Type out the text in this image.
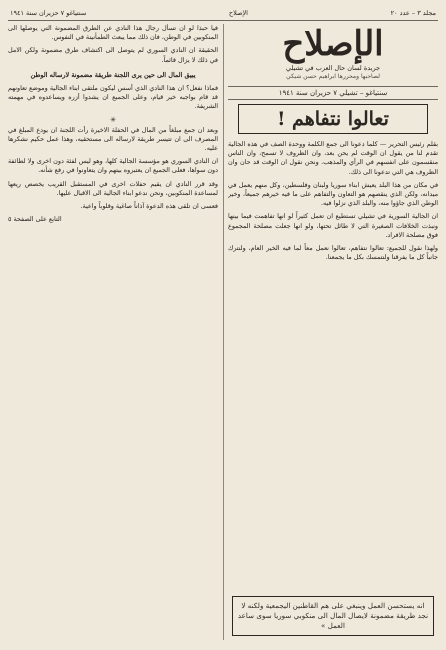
مجلد ٣ – عدد ٢٠
الإصلاح
سنتياغو ٧ حزيران سنة ١٩٤١
الإصلاح
جريدة لسان حال العرب في تشيلي
لصاحبها ومحررها ابراهيم حسن شيكي
سنتياغو – تشيلي ٧ حزيران سنة ١٩٤١
تعالوا نتفاهم !

بقلم رئيس التحرير — كلما دعونا الى جمع الكلمة ووحدة الصف في هذه الجالية تقدم لنا من يقول ان الوقت لم يحن بعد، وان الظروف لا تسمح، وان الناس منقسمون على انفسهم في الرأي والمذهب. ونحن نقول ان الوقت قد حان وان الظروف هي التي تدعونا الى ذلك.

في مكان من هذا البلد يعيش ابناء سوريا ولبنان وفلسطين، وكل منهم يعمل في ميدانه، ولكن الذي ينقصهم هو التعاون والتفاهم على ما فيه خيرهم جميعاً، وخير الوطن الذي جاؤوا منه، والبلد الذي نزلوا فيه.

ان الجالية السورية في تشيلي تستطيع ان تعمل كثيراً لو انها تفاهمت فيما بينها ونبذت الخلافات الصغيرة التي لا طائل تحتها، ولو انها جعلت مصلحة المجموع فوق مصلحة الافراد.

ولهذا نقول للجميع: تعالوا نتفاهم، تعالوا نعمل معاً لما فيه الخير العام، ولنترك جانباً كل ما يفرقنا ولنتمسك بكل ما يجمعنا.

انه يستحسن العمل وينبغي على هم القاطنين اليجمعية ولكنه لا نجد طريقة مضمونة لايصال المال الى منكوبي سوريا سوى ساعد العمل »

فيا حبذا لو ان تسأل رجال هذا النادي عن الطرق المضمونة التي يوصلها الى المنكوبين في الوطن، فان ذلك مما يبعث الطمأنينة في النفوس.

الحقيقة ان النادي السوري لم يتوصل الى اكتشاف طرق مضمونة ولكن الامل في ذلك لا يزال قائماً.

يبيق المال الى حين يرى اللجنة طريقة مضمونة لارساله الوطن

فماذا نفعل؟ ان هذا النادي الذي أسس ليكون ملتقى ابناء الجالية وموضع تعاونهم قد قام بواجبه خير قيام، وعلى الجميع ان يشدوا أزره ويساعدوه في مهمته الشريفة.

✳

وبعد ان جمع مبلغاً من المال في الحفلة الاخيرة رأت اللجنة ان يودع المبلغ في المصرف الى ان تتيسر طريقة لارساله الى مستحقيه، وهذا عمل حكيم نشكرها عليه.

ان النادي السوري هو مؤسسة الجالية كلها، وهو ليس لفئة دون اخرى ولا لطائفة دون سواها، فعلى الجميع ان يعتبروه بيتهم وان يتعاونوا في رفع شأنه.

وقد قرر النادي ان يقيم حفلات اخرى في المستقبل القريب يخصص ريعها لمساعدة المنكوبين، ونحن ندعو ابناء الجالية الى الاقبال عليها.

فعسى ان تلقى هذه الدعوة آذاناً صاغية وقلوباً واعية.

التابع على الصفحة ٥
